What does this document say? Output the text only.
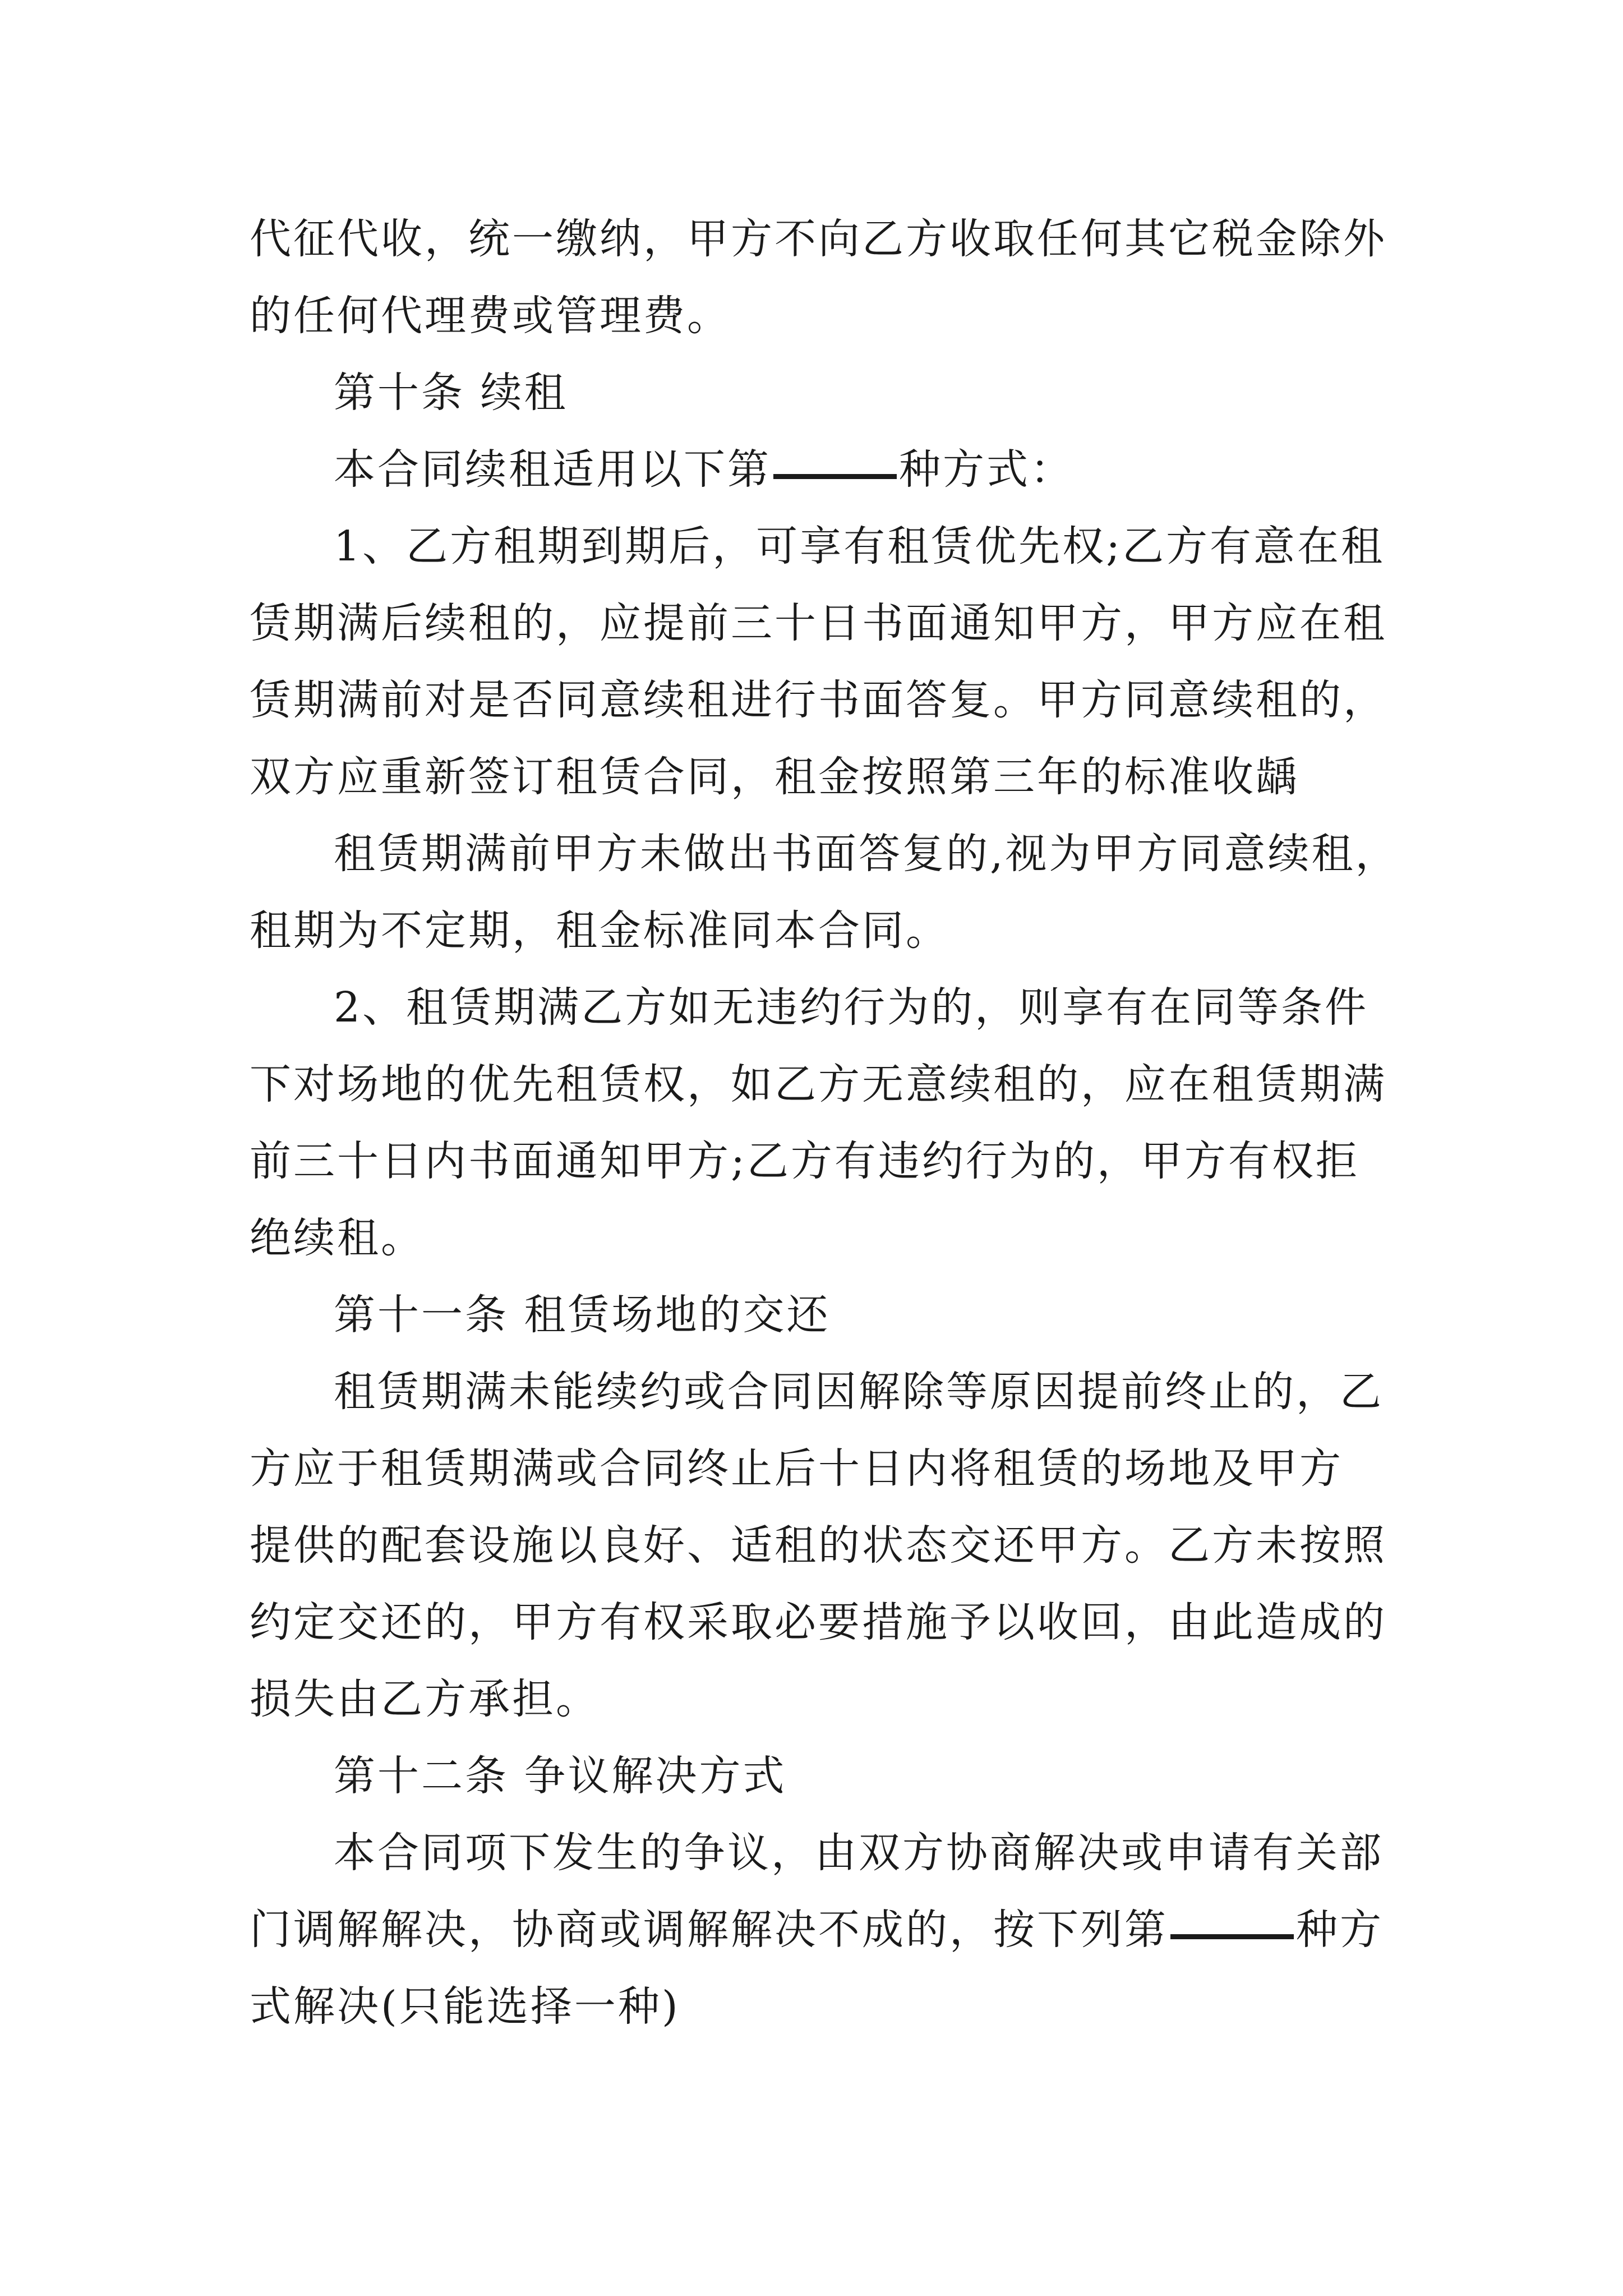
代征代收，统一缴纳，甲方不向乙方收取任何其它税金除外
的任何代理费或管理费。
第十条 续租
本合同续租适用以下第	种方式：
1、乙方租期到期后，可享有租赁优先权;乙方有意在租
赁期满后续租的，应提前三十日书面通知甲方，甲方应在租
赁期满前对是否同意续租进行书面答复。甲方同意续租的，
双方应重新签订租赁合同，租金按照第三年的标准收龋
租赁期满前甲方未做出书面答复的,视为甲方同意续租，
租期为不定期，租金标准同本合同。
2、租赁期满乙方如无违约行为的，则享有在同等条件
下对场地的优先租赁权，如乙方无意续租的，应在租赁期满
前三十日内书面通知甲方;乙方有违约行为的，甲方有权拒
绝续租。
第十一条 租赁场地的交还
租赁期满未能续约或合同因解除等原因提前终止的，乙
方应于租赁期满或合同终止后十日内将租赁的场地及甲方
提供的配套设施以良好、适租的状态交还甲方。乙方未按照
约定交还的，甲方有权采取必要措施予以收回，由此造成的
损失由乙方承担。
第十二条 争议解决方式
本合同项下发生的争议，由双方协商解决或申请有关部
门调解解决，协商或调解解决不成的，按下列第	种方
式解决(只能选择一种)
